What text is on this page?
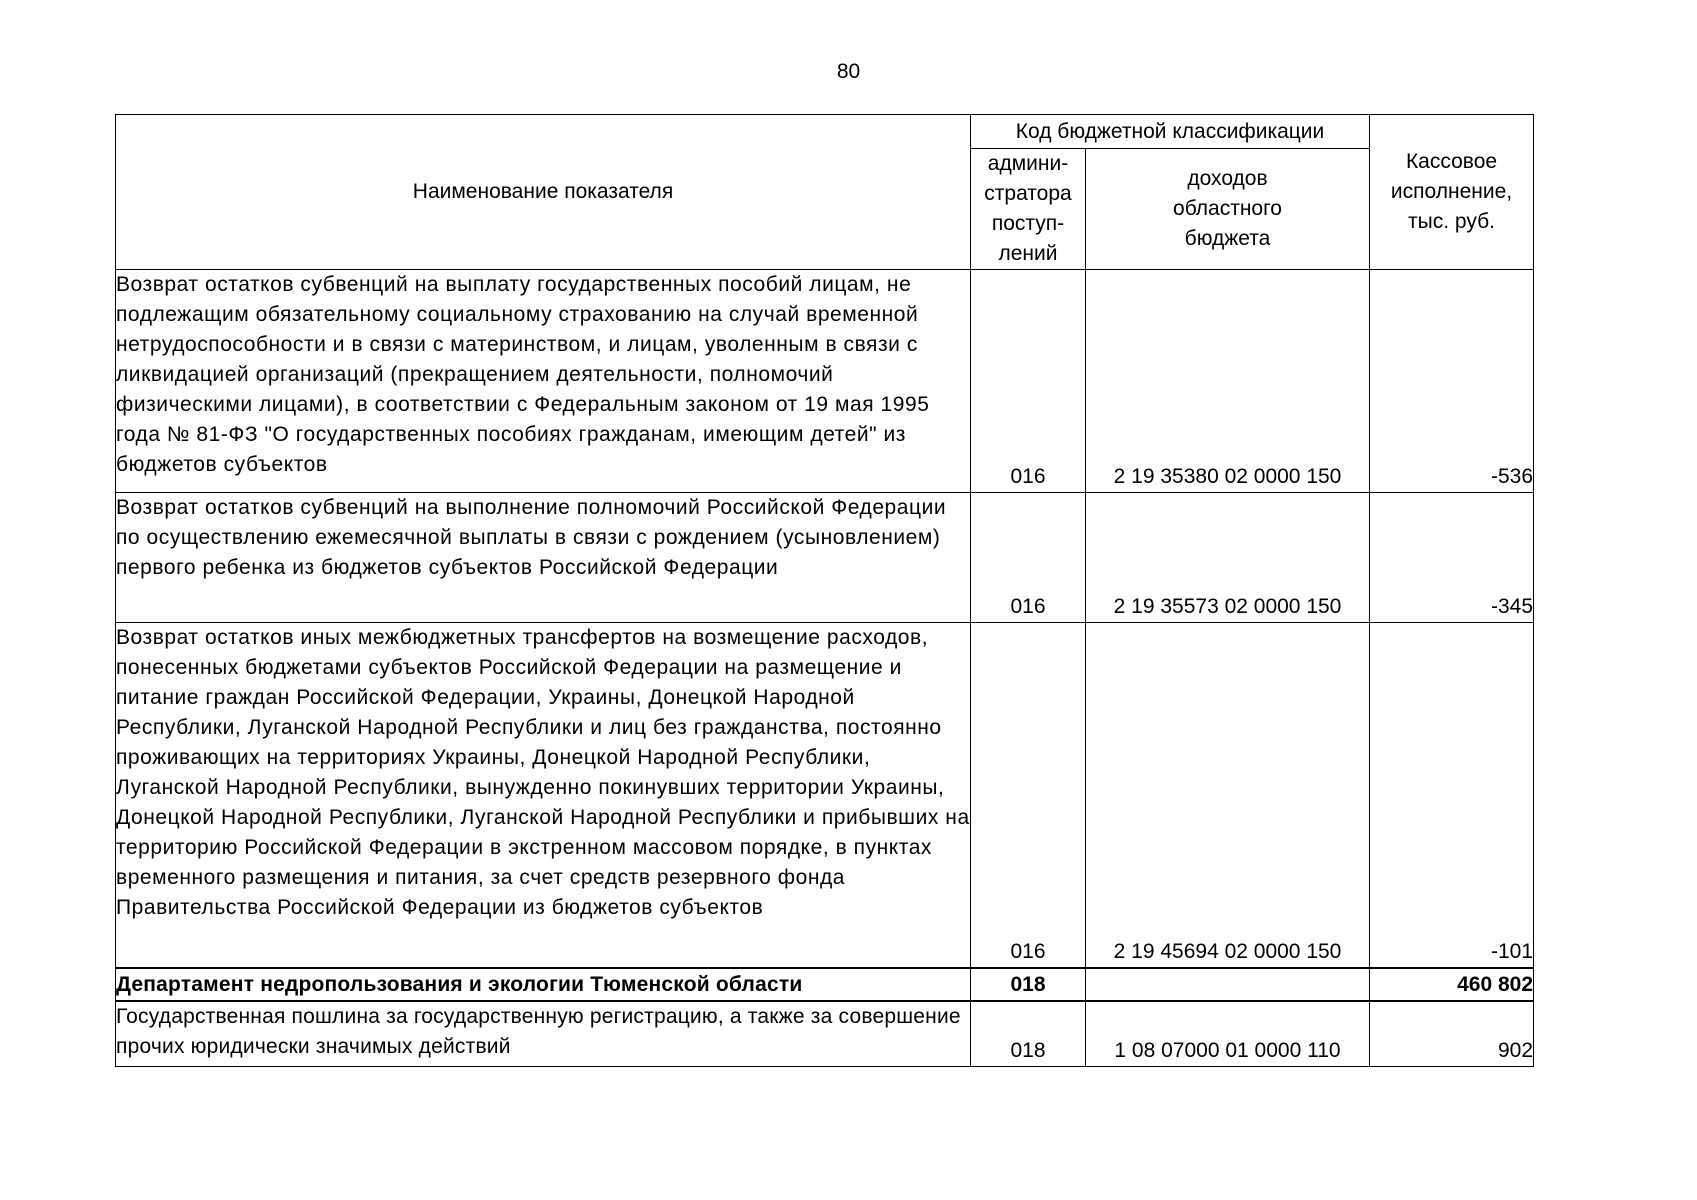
80
Наименование показателя	Код бюджетной классификации		Кассовое исполнение, тыс. руб.
	админи-стратора поступ-лений	доходов областного бюджета	
Возврат остатков субвенций на выплату государственных пособий лицам, не подлежащим обязательному социальному страхованию на случай временной нетрудоспособности и в связи с материнством, и лицам, уволенным в связи с ликвидацией организаций (прекращением деятельности, полномочий физическими лицами), в соответствии с Федеральным законом от 19 мая 1995 года № 81-ФЗ "О государственных пособиях гражданам, имеющим детей" из бюджетов субъектов	016	2 19 35380 02 0000 150	-536
Возврат остатков субвенций на выполнение полномочий Российской Федерации по осуществлению ежемесячной выплаты в связи с рождением (усыновлением) первого ребенка из бюджетов субъектов Российской Федерации	016	2 19 35573 02 0000 150	-345
Возврат остатков иных межбюджетных трансфертов на возмещение расходов, понесенных бюджетами субъектов Российской Федерации на размещение и питание граждан Российской Федерации, Украины, Донецкой Народной Республики, Луганской Народной Республики и лиц без гражданства, постоянно проживающих на территориях Украины, Донецкой Народной Республики, Луганской Народной Республики, вынужденно покинувших территории Украины, Донецкой Народной Республики, Луганской Народной Республики и прибывших на территорию Российской Федерации в экстренном массовом порядке, в пунктах временного размещения и питания, за счет средств резервного фонда Правительства Российской Федерации из бюджетов субъектов	016	2 19 45694 02 0000 150	-101
Департамент недропользования и экологии Тюменской области	018		460 802
Государственная пошлина за государственную регистрацию, а также за совершение прочих юридически значимых действий	018	1 08 07000 01 0000 110	902
